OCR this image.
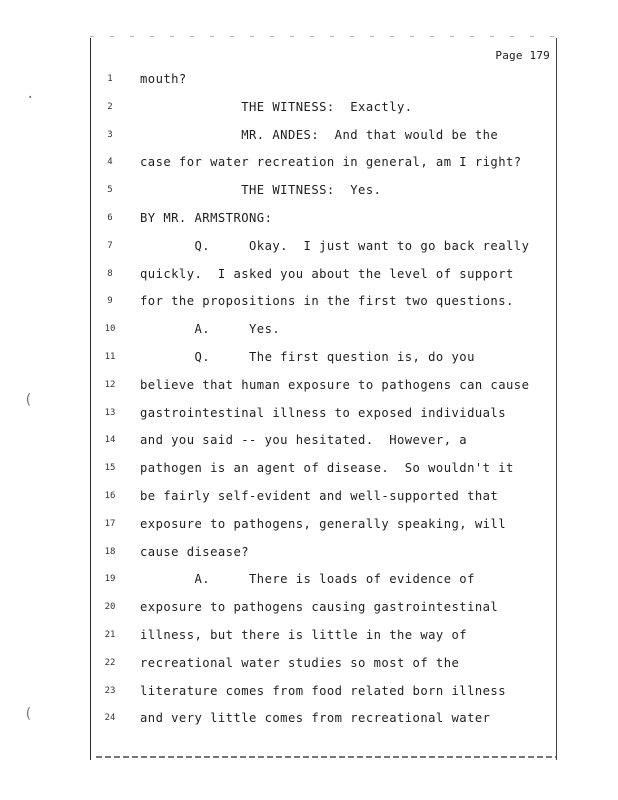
·
(
(
Page 179
1	mouth?
2	THE WITNESS:  Exactly.
3	MR. ANDES:  And that would be the
4	case for water recreation in general, am I right?
5	THE WITNESS:  Yes.
6	BY MR. ARMSTRONG:
7	Q.     Okay.  I just want to go back really
8	quickly.  I asked you about the level of support
9	for the propositions in the first two questions.
10	A.     Yes.
11	Q.     The first question is, do you
12	believe that human exposure to pathogens can cause
13	gastrointestinal illness to exposed individuals
14	and you said -- you hesitated.  However, a
15	pathogen is an agent of disease.  So wouldn't it
16	be fairly self-evident and well-supported that
17	exposure to pathogens, generally speaking, will
18	cause disease?
19	A.     There is loads of evidence of
20	exposure to pathogens causing gastrointestinal
21	illness, but there is little in the way of
22	recreational water studies so most of the
23	literature comes from food related born illness
24	and very little comes from recreational water
